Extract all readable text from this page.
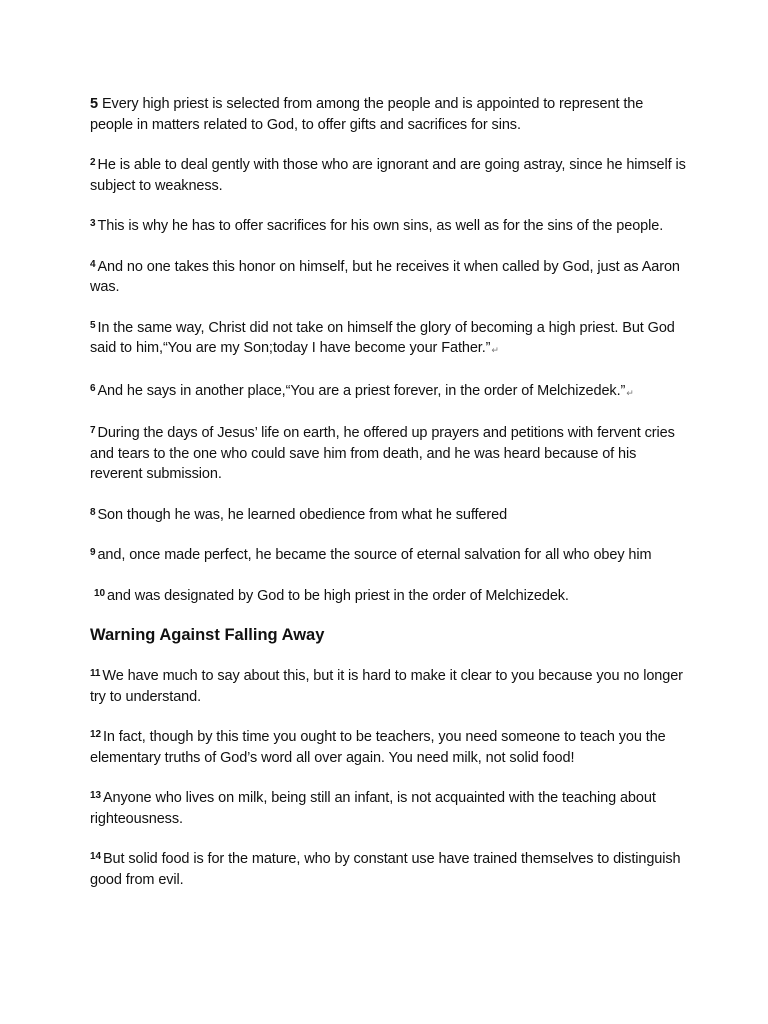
5 Every high priest is selected from among the people and is appointed to represent the people in matters related to God, to offer gifts and sacrifices for sins.

$^2$ He is able to deal gently with those who are ignorant and are going astray, since he himself is subject to weakness.

$^3$ This is why he has to offer sacrifices for his own sins, as well as for the sins of the people.

$^4$ And no one takes this honor on himself, but he receives it when called by God, just as Aaron was.

$^5$ In the same way, Christ did not take on himself the glory of becoming a high priest. But God said to him,“You are my Son;today I have become your Father.”↵

$^6$ And he says in another place,“You are a priest forever, in the order of Melchizedek.”↵

$^7$ During the days of Jesus’ life on earth, he offered up prayers and petitions with fervent cries and tears to the one who could save him from death, and he was heard because of his reverent submission.

$^8$ Son though he was, he learned obedience from what he suffered

$^9$ and, once made perfect, he became the source of eternal salvation for all who obey him

$^{10}$ and was designated by God to be high priest in the order of Melchizedek.

Warning Against Falling Away

$^{11}$ We have much to say about this, but it is hard to make it clear to you because you no longer try to understand.

$^{12}$ In fact, though by this time you ought to be teachers, you need someone to teach you the elementary truths of God’s word all over again. You need milk, not solid food!

$^{13}$ Anyone who lives on milk, being still an infant, is not acquainted with the teaching about righteousness.

$^{14}$ But solid food is for the mature, who by constant use have trained themselves to distinguish good from evil.
